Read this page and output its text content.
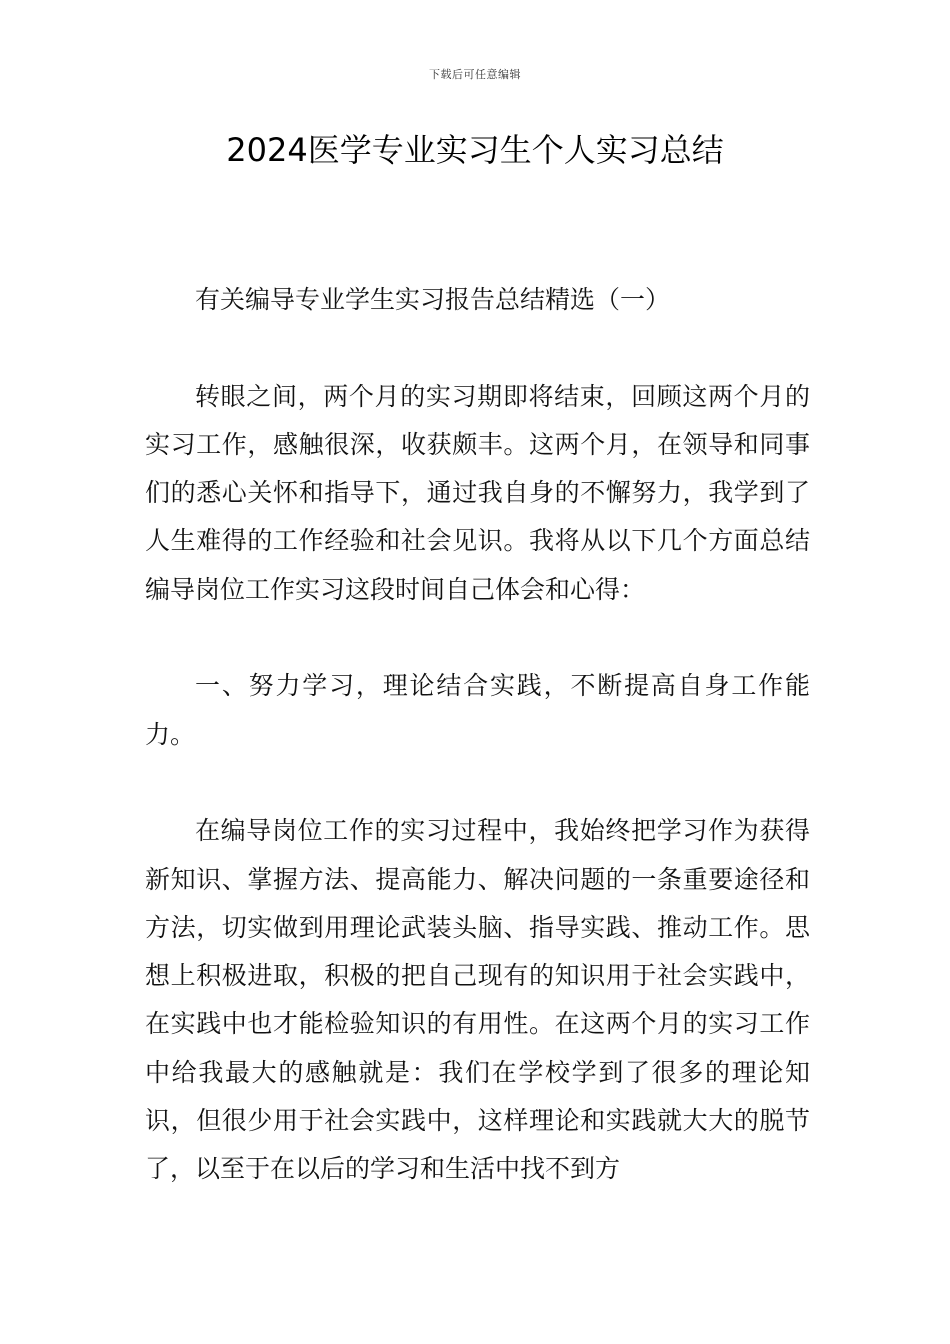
下载后可任意编辑
2024医学专业实习生个人实习总结

有关编导专业学生实习报告总结精选（一）

转眼之间，两个月的实习期即将结束，回顾这两个月的实习工作，感触很深，收获颇丰。这两个月，在领导和同事们的悉心关怀和指导下，通过我自身的不懈努力，我学到了人生难得的工作经验和社会见识。我将从以下几个方面总结编导岗位工作实习这段时间自己体会和心得：

一、努力学习，理论结合实践，不断提高自身工作能力。

在编导岗位工作的实习过程中，我始终把学习作为获得新知识、掌握方法、提高能力、解决问题的一条重要途径和方法，切实做到用理论武装头脑、指导实践、推动工作。思想上积极进取，积极的把自己现有的知识用于社会实践中，在实践中也才能检验知识的有用性。在这两个月的实习工作中给我最大的感触就是：我们在学校学到了很多的理论知识，但很少用于社会实践中，这样理论和实践就大大的脱节了，以至于在以后的学习和生活中找不到方
